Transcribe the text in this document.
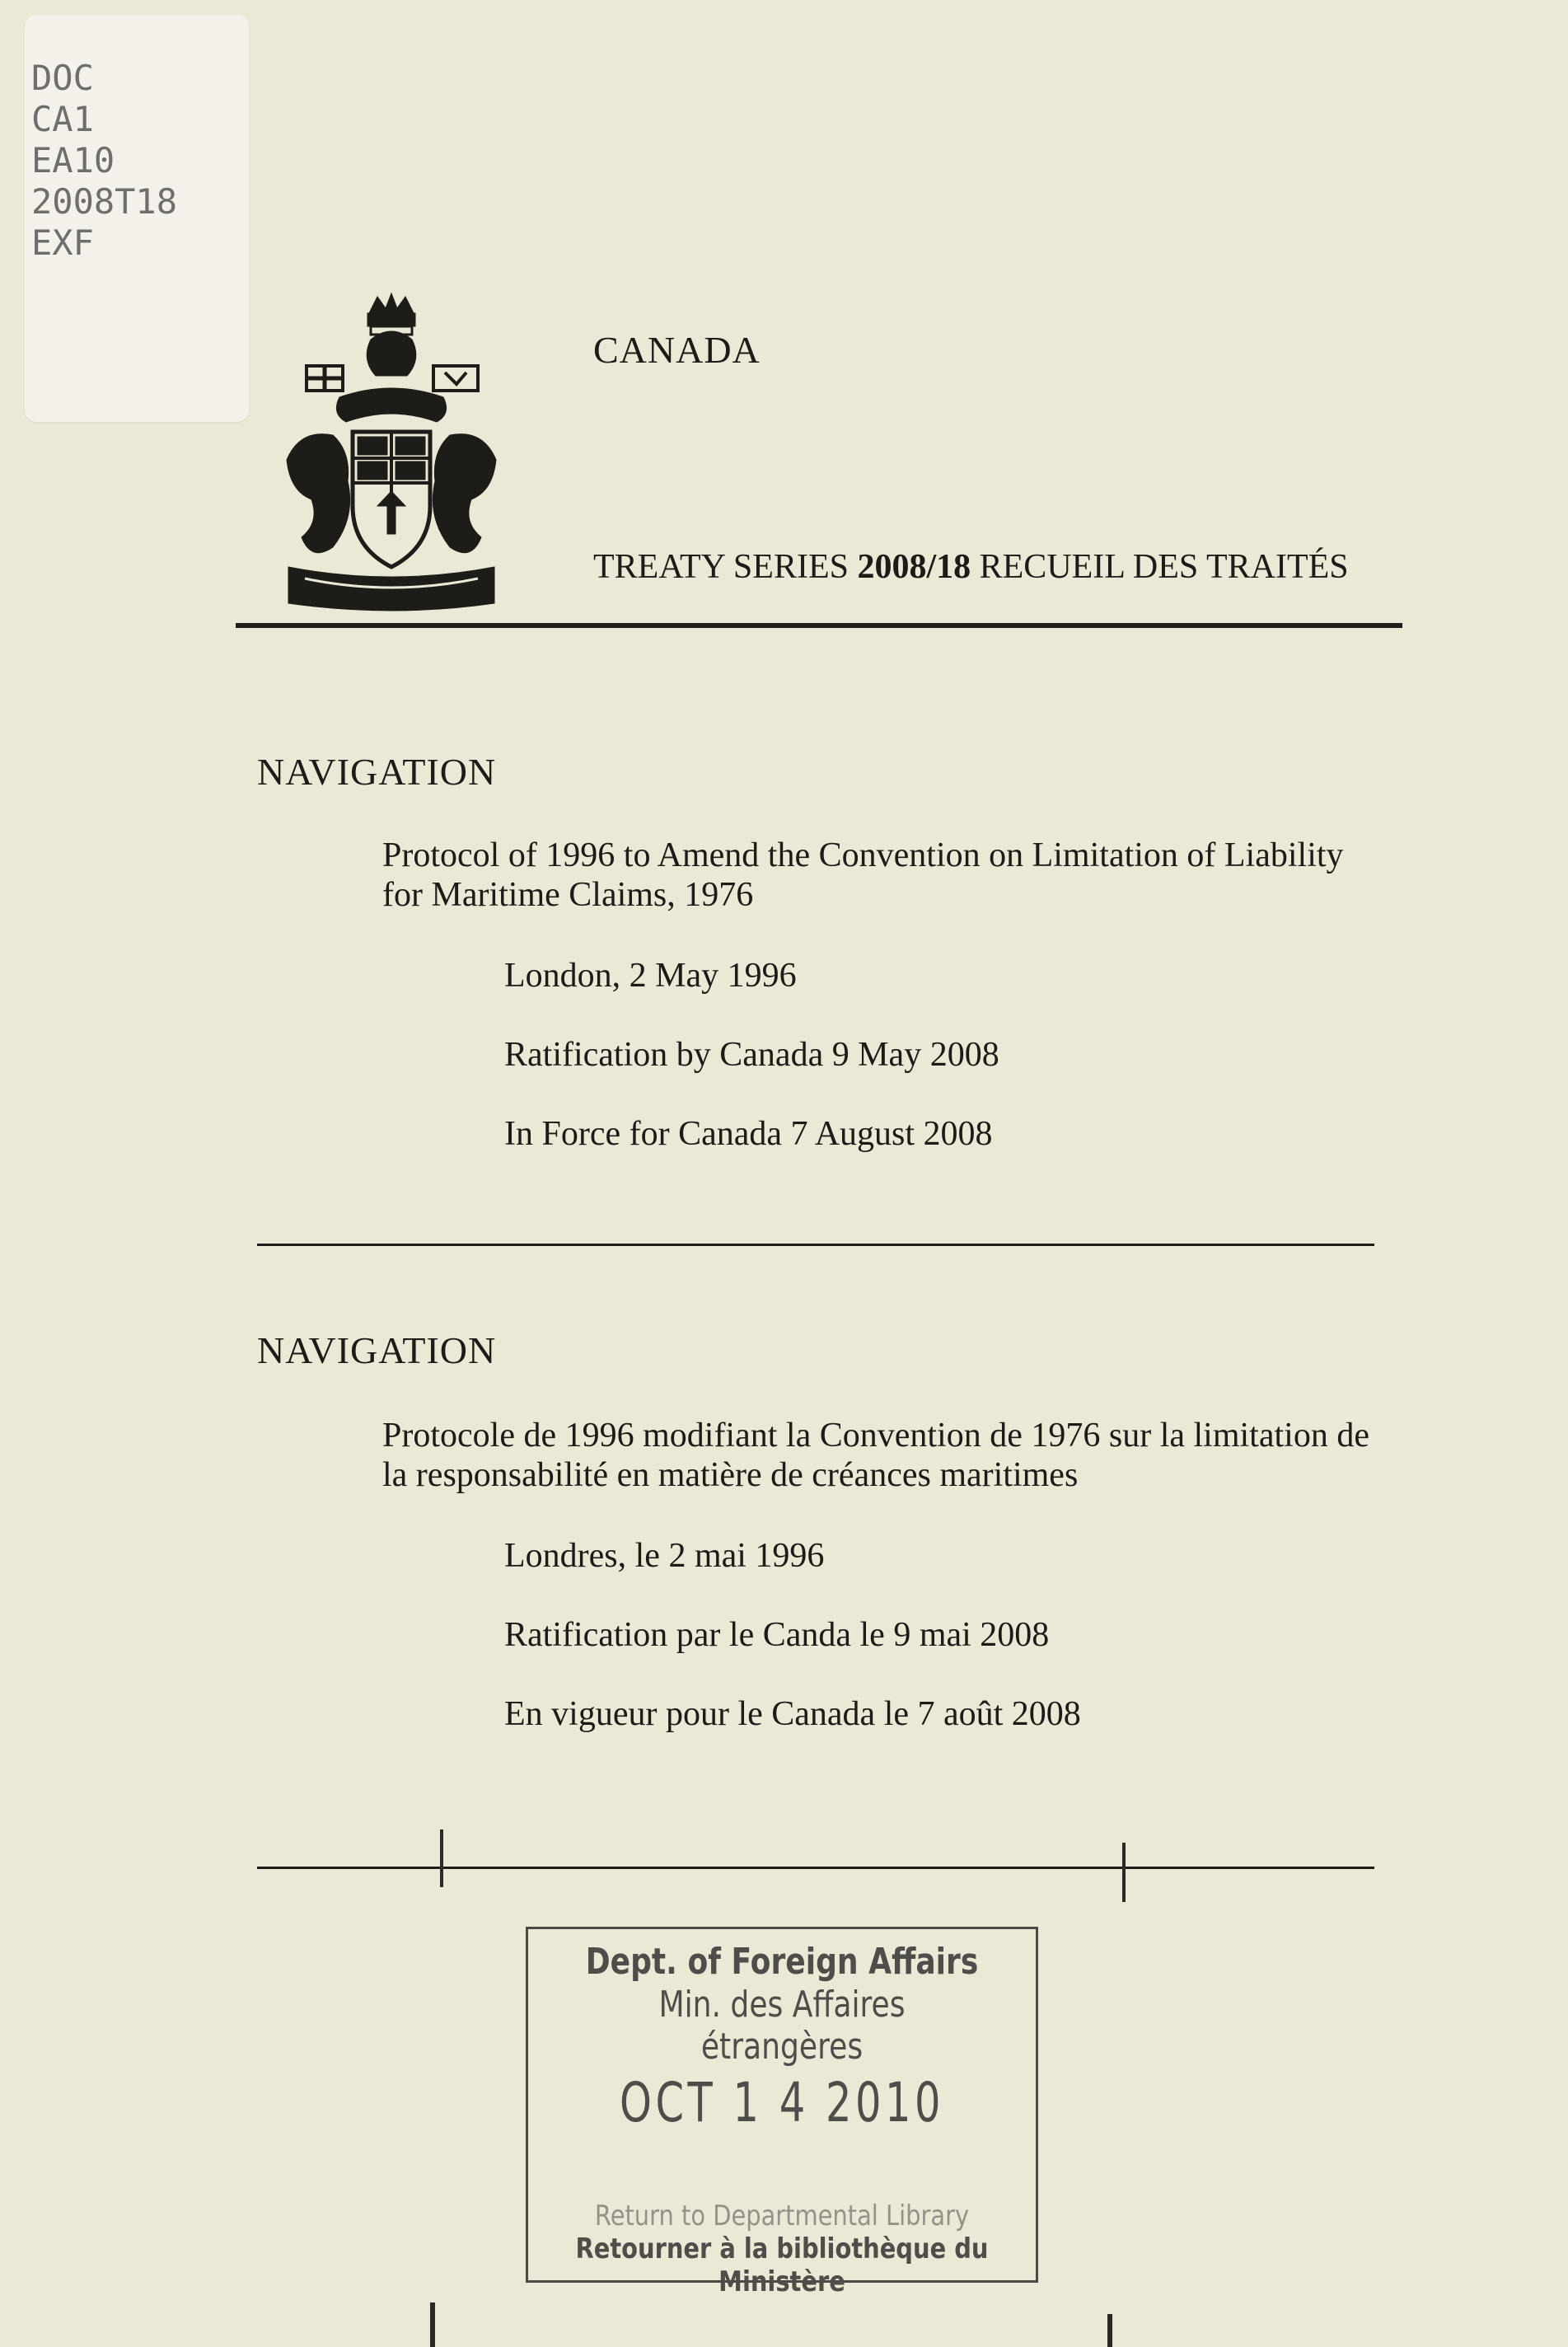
DOC
CA1
EA10
2008T18
EXF
CANADA
TREATY SERIES 2008/18 RECUEIL DES TRAITÉS
NAVIGATION
Protocol of 1996 to Amend the Convention on Limitation of Liability
for Maritime Claims, 1976
London, 2 May 1996
Ratification by Canada 9 May 2008
In Force for Canada 7 August 2008
NAVIGATION
Protocole de 1996 modifiant la Convention de 1976 sur la limitation de
la responsabilité en matière de créances maritimes
Londres, le 2 mai 1996
Ratification par le Canda le 9 mai 2008
En vigueur pour le Canada le 7 août 2008
Dept. of Foreign Affairs
Min. des Affaires étrangères
OCT 1 4 2010
Return to Departmental Library
Retourner à la bibliothèque du Ministère
